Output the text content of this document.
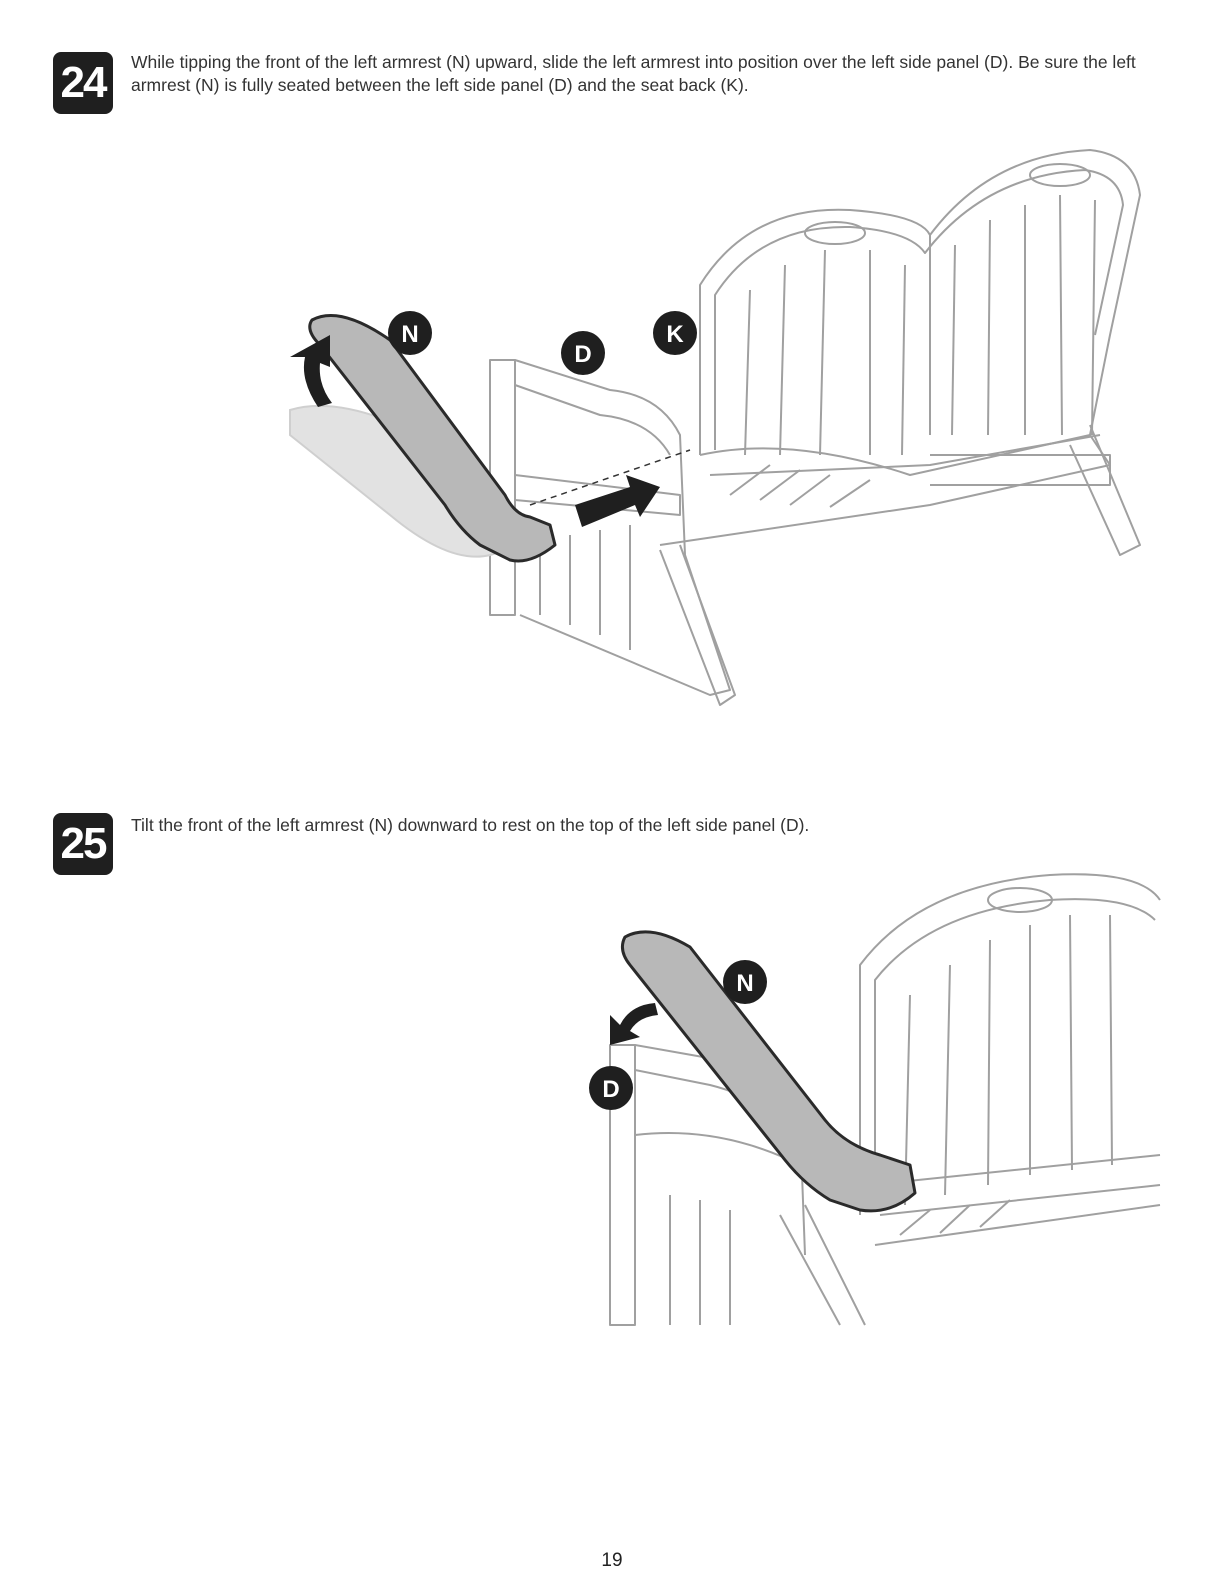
24	While tipping the front of the left armrest (N) upward, slide the left armrest into position over the left side panel (D). Be sure the left armrest (N) is fully seated between the left side panel (D) and the seat back (K).
N
D
K
25	Tilt the front of the left armrest (N) downward to rest on the top of the left side panel (D).
N
D
19
